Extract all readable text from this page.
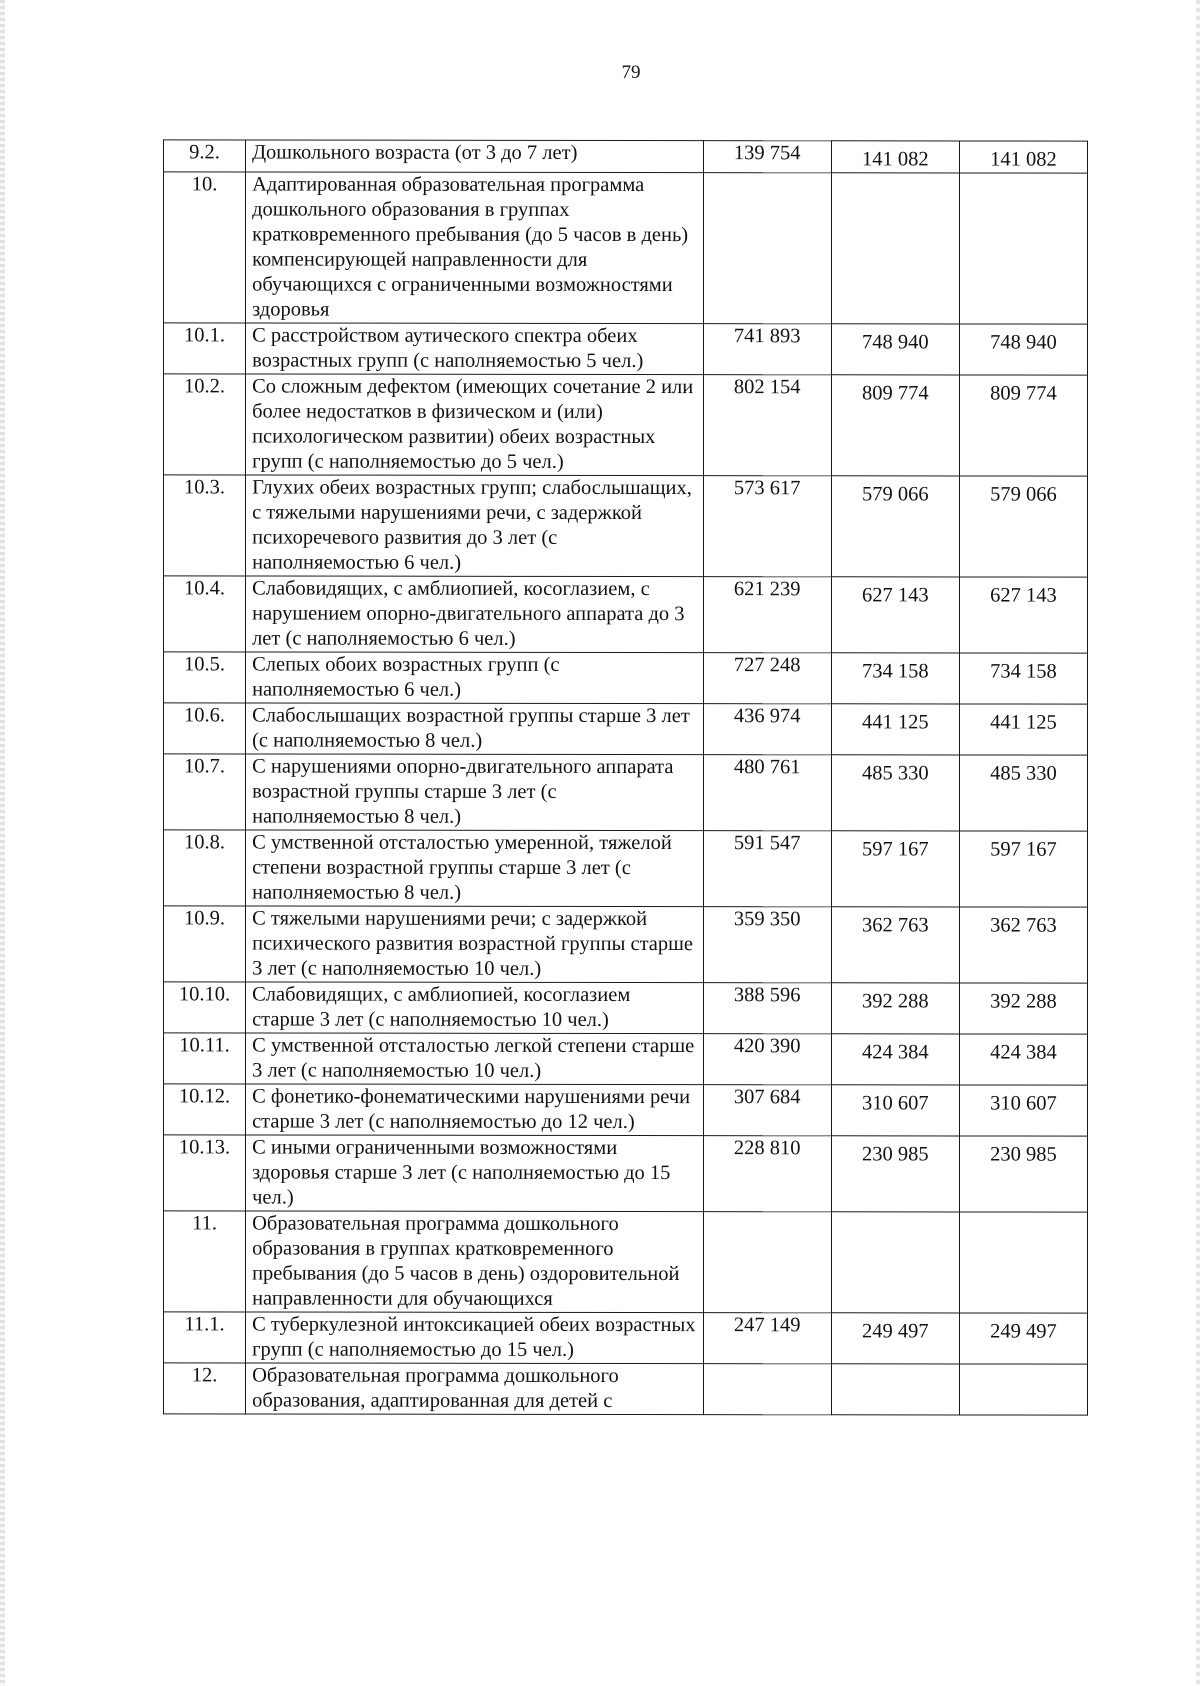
79
9.2.	Дошкольного возраста (от 3 до 7 лет)	139 754	141 082	141 082
10.	Адаптированная образовательная программа дошкольного образования в группах кратковременного пребывания (до 5 часов в день) компенсирующей направленности для обучающихся с ограниченными возможностями здоровья			
10.1.	С расстройством аутического спектра обеих возрастных групп (с наполняемостью 5 чел.)	741 893	748 940	748 940
10.2.	Со сложным дефектом (имеющих сочетание 2 или более недостатков в физическом и (или) психологическом развитии) обеих возрастных групп (с наполняемостью до 5 чел.)	802 154	809 774	809 774
10.3.	Глухих обеих возрастных групп; слабослышащих, с тяжелыми нарушениями речи, с задержкой психоречевого развития до 3 лет (с наполняемостью 6 чел.)	573 617	579 066	579 066
10.4.	Слабовидящих, с амблиопией, косоглазием, с нарушением опорно-двигательного аппарата до 3 лет (с наполняемостью 6 чел.)	621 239	627 143	627 143
10.5.	Слепых обоих возрастных групп (с наполняемостью 6 чел.)	727 248	734 158	734 158
10.6.	Слабослышащих возрастной группы старше 3 лет (с наполняемостью 8 чел.)	436 974	441 125	441 125
10.7.	С нарушениями опорно-двигательного аппарата возрастной группы старше 3 лет (с наполняемостью 8 чел.)	480 761	485 330	485 330
10.8.	С умственной отсталостью умеренной, тяжелой степени возрастной группы старше 3 лет (с наполняемостью 8 чел.)	591 547	597 167	597 167
10.9.	С тяжелыми нарушениями речи; с задержкой психического развития возрастной группы старше 3 лет (с наполняемостью 10 чел.)	359 350	362 763	362 763
10.10.	Слабовидящих, с амблиопией, косоглазием старше 3 лет (с наполняемостью 10 чел.)	388 596	392 288	392 288
10.11.	С умственной отсталостью легкой степени старше 3 лет (с наполняемостью 10 чел.)	420 390	424 384	424 384
10.12.	С фонетико-фонематическими нарушениями речи старше 3 лет (с наполняемостью до 12 чел.)	307 684	310 607	310 607
10.13.	С иными ограниченными возможностями здоровья старше 3 лет (с наполняемостью до 15 чел.)	228 810	230 985	230 985
11.	Образовательная программа дошкольного образования в группах кратковременного пребывания (до 5 часов в день) оздоровительной направленности для обучающихся			
11.1.	С туберкулезной интоксикацией обеих возрастных групп (с наполняемостью до 15 чел.)	247 149	249 497	249 497
12.	Образовательная программа дошкольного образования, адаптированная для детей с			
